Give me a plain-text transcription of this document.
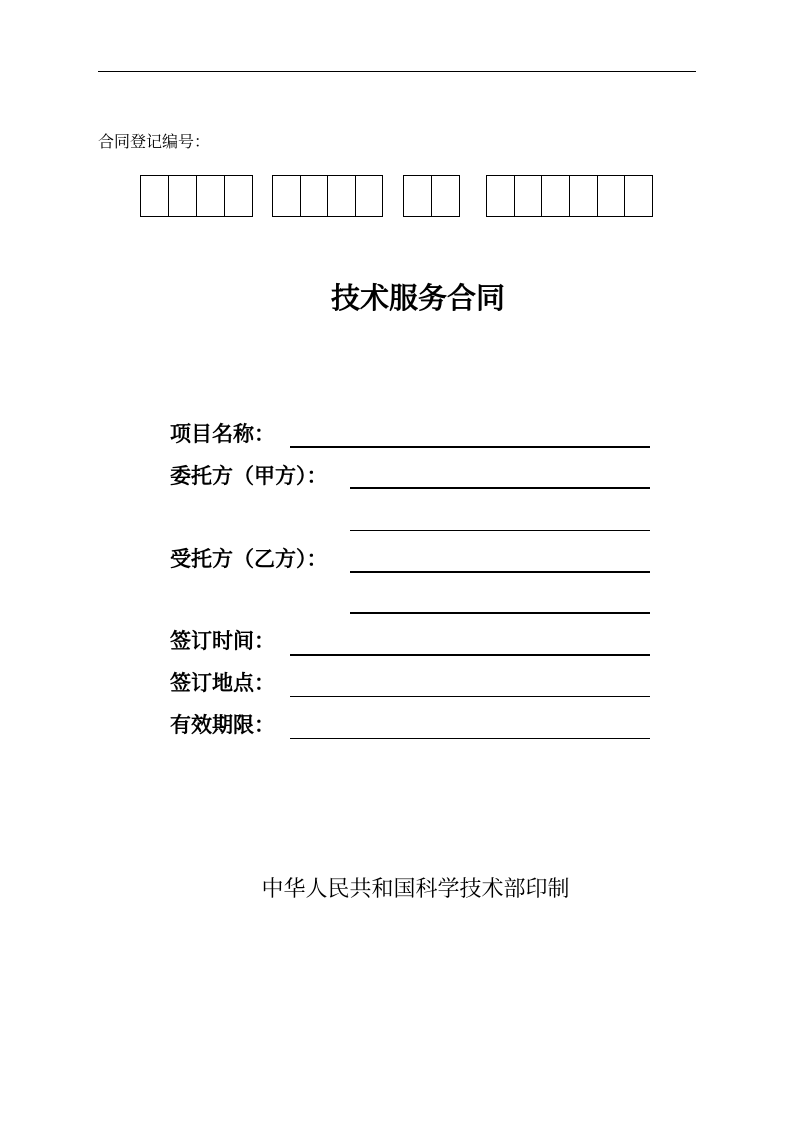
合同登记编号：
技术服务合同
项目名称：
委托方（甲方）：
受托方（乙方）：
签订时间：
签订地点：
有效期限：
中华人民共和国科学技术部印制
